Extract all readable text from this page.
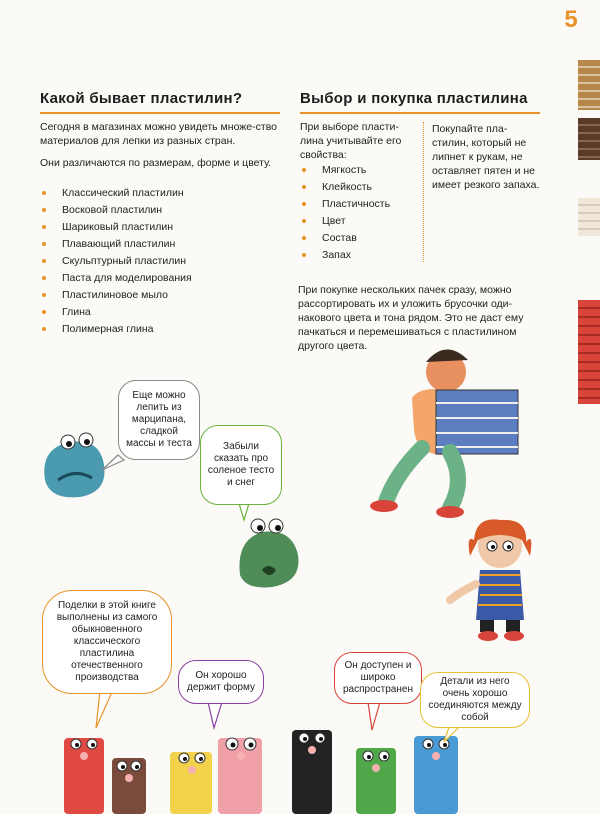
5
Какой бывает пластилин?
Сегодня в магазинах можно увидеть множе-ство материалов для лепки из разных стран.
Они различаются по размерам, форме и цвету.
Классический пластилин
Восковой пластилин
Шариковый пластилин
Плавающий пластилин
Скульптурный пластилин
Паста для моделирования
Пластилиновое мыло
Глина
Полимерная глина
Выбор и покупка пластилина
При выборе пласти-лина учитывайте его свойства:
Мягкость
Клейкость
Пластичность
Цвет
Состав
Запах
Покупайте пла-стилин, который не липнет к рукам, не оставляет пятен и не имеет резкого запаха.
При покупке нескольких пачек сразу, можно рассортировать их и уложить брусочки оди-накового цвета и тона рядом. Это не даст ему пачкаться и перемешиваться с пластилином другого цвета.
Еще можно лепить из марципана, сладкой массы и теста	Забыли сказать про соленое тесто и снег
Поделки в этой книге выполнены из самого обыкновенного классического пластилина отечественного производства	Он хорошо держит форму
Он доступен и широко распространен
Детали из него очень хорошо соединяются между собой
